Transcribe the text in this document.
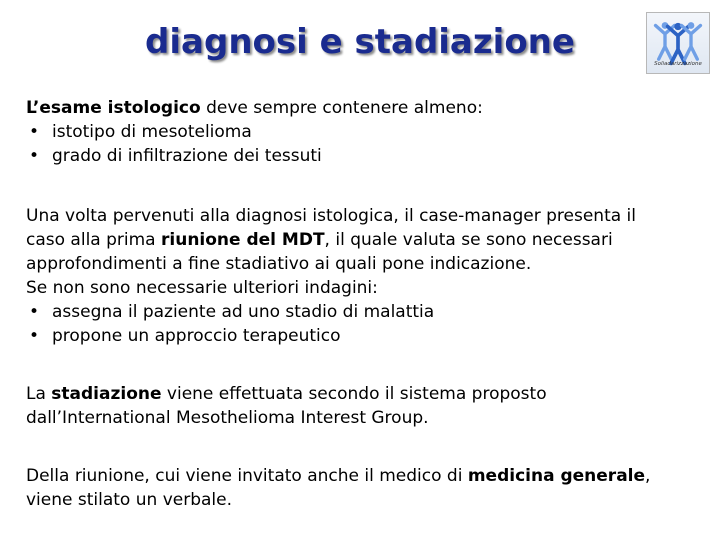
diagnosi e stadiazione
Soliadarizzazione

L’esame istologico deve sempre contenere almeno:

• istotipo di mesotelioma
• grado di infiltrazione dei tessuti

Una volta pervenuti alla diagnosi istologica, il case-manager presenta il

caso alla prima riunione del MDT, il quale valuta se sono necessari

approfondimenti a fine stadiativo ai quali pone indicazione.

Se non sono necessarie ulteriori indagini:

• assegna il paziente ad uno stadio di malattia
• propone un approccio terapeutico

La stadiazione viene effettuata secondo il sistema proposto

dall’International Mesothelioma Interest Group.

Della riunione, cui viene invitato anche il medico di medicina generale,

viene stilato un verbale.
